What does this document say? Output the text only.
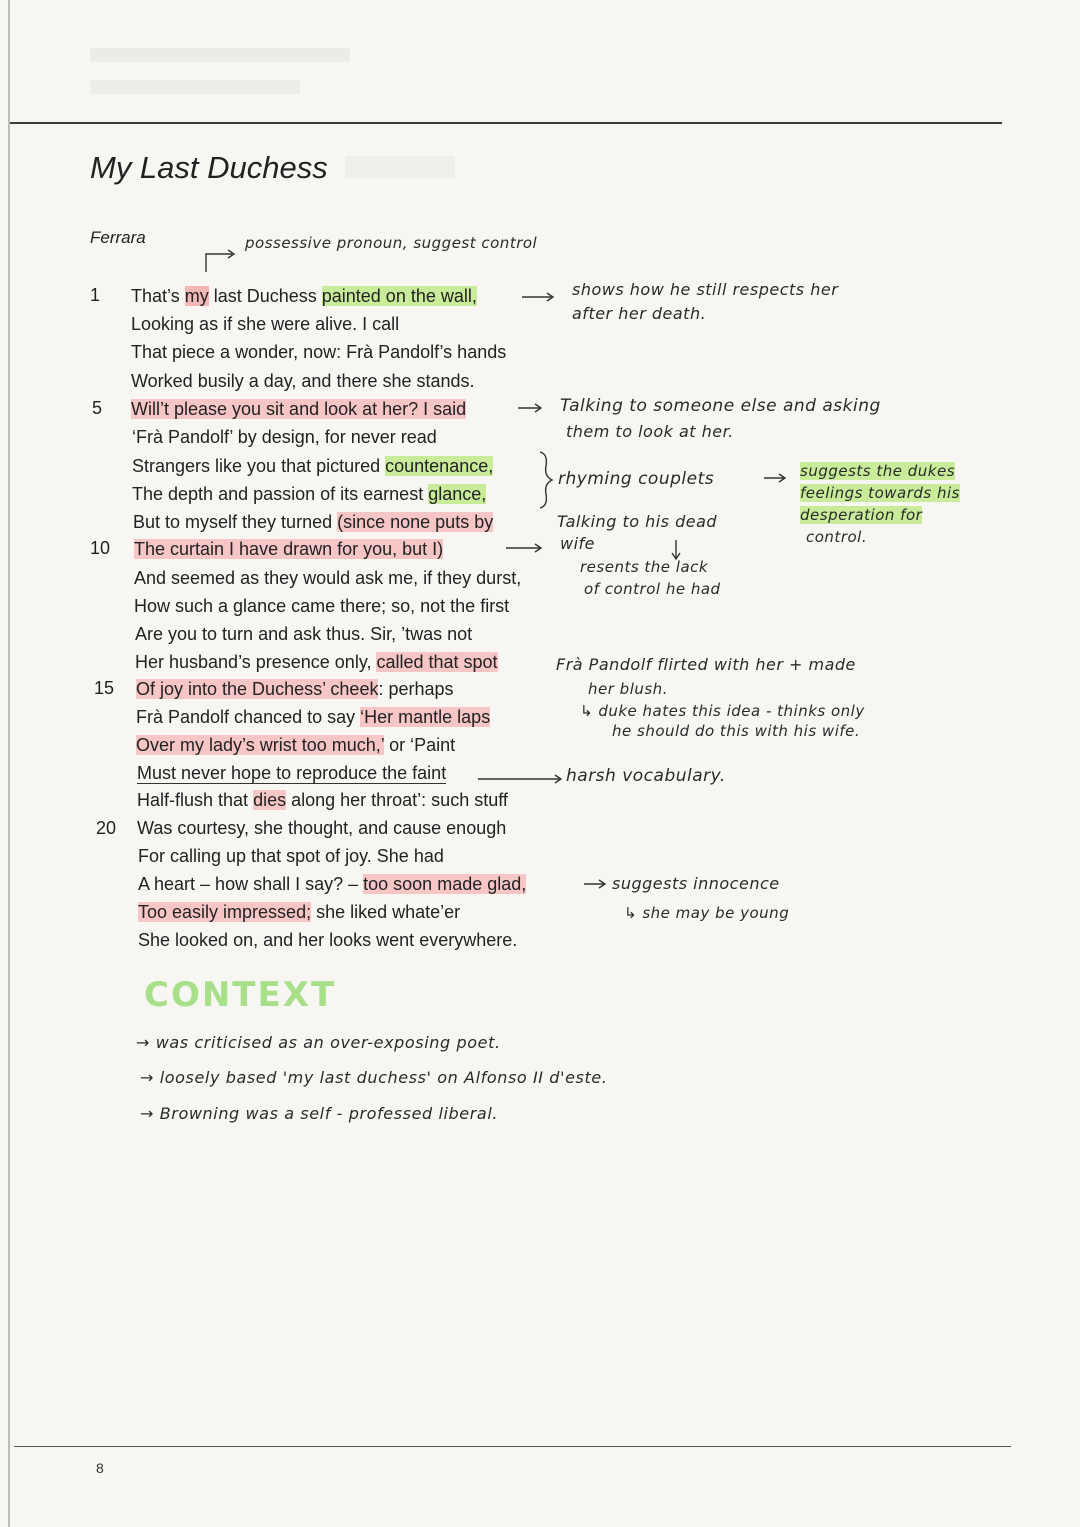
My Last Duchess
Ferrara	possessive pronoun, suggest control
1
5
10
15
20
That’s my last Duchess painted on the wall,
Looking as if she were alive. I call
That piece a wonder, now: Frà Pandolf’s hands
Worked busily a day, and there she stands.
Will’t please you sit and look at her? I said
‘Frà Pandolf’ by design, for never read
Strangers like you that pictured countenance,
The depth and passion of its earnest glance,
But to myself they turned (since none puts by
The curtain I have drawn for you, but I)
And seemed as they would ask me, if they durst,
How such a glance came there; so, not the first
Are you to turn and ask thus. Sir, ’twas not
Her husband’s presence only, called that spot
Of joy into the Duchess’ cheek: perhaps
Frà Pandolf chanced to say ‘Her mantle laps
Over my lady’s wrist too much,’ or ‘Paint
Must never hope to reproduce the faint
Half-flush that dies along her throat’: such stuff
Was courtesy, she thought, and cause enough
For calling up that spot of joy. She had
A heart – how shall I say? – too soon made glad,
Too easily impressed; she liked whate’er
She looked on, and her looks went everywhere.
shows how he still respects her
after her death.
Talking to someone else and asking
them to look at her.
rhyming couplets	suggests the dukes
feelings towards his
desperation for
control.
Talking to his dead
wife
resents the lack
of control he had
Frà Pandolf flirted with her + made
her blush.
↳ duke hates this idea - thinks only
he should do this with his wife.
harsh vocabulary.
suggests innocence
↳ she may be young
CONTEXT
→ was criticised as an over-exposing poet.
→ loosely based 'my last duchess' on Alfonso II d'este.
→ Browning was a self - professed liberal.
8
